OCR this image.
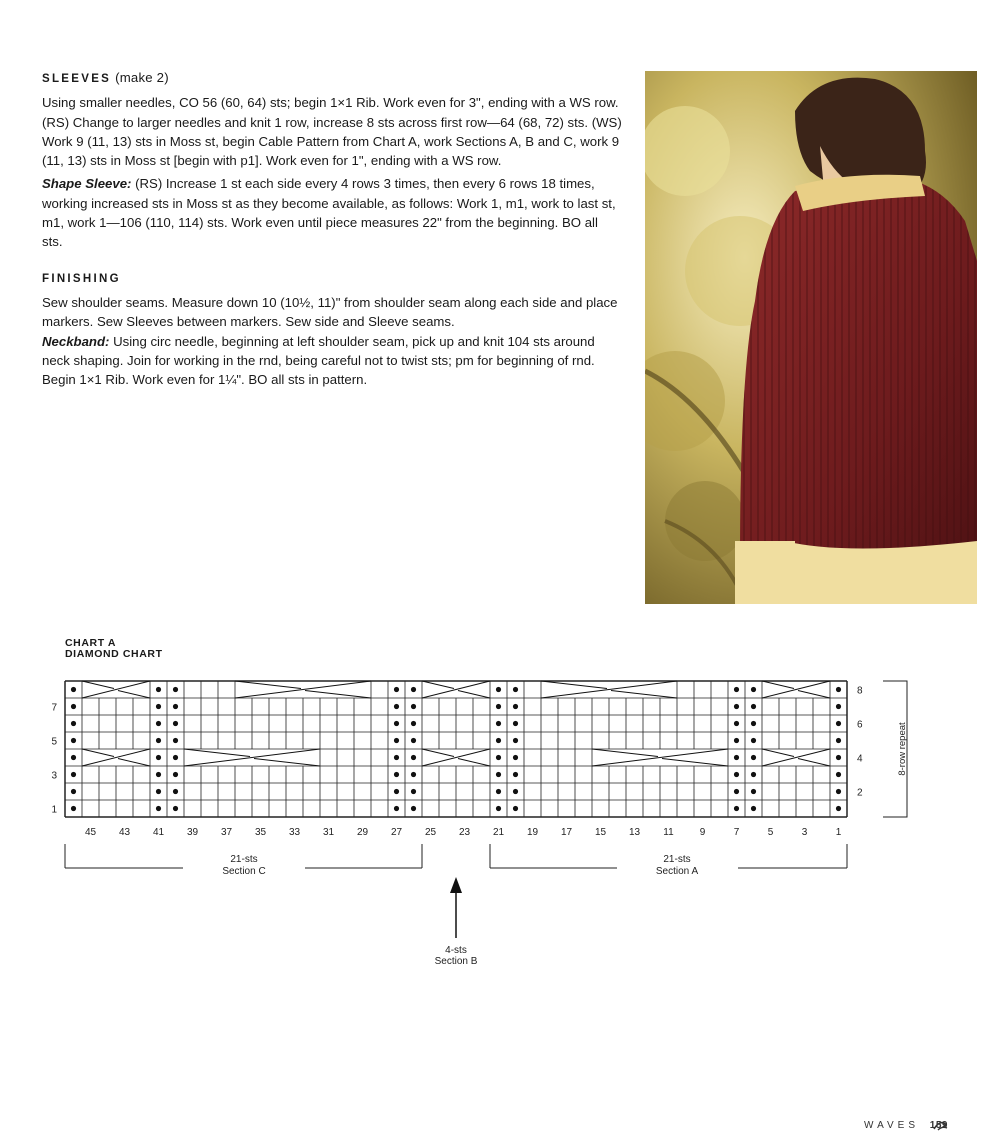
SLEEVES (make 2)

Using smaller needles, CO 56 (60, 64) sts; begin 1×1 Rib. Work even for 3", ending with a WS row. (RS) Change to larger needles and knit 1 row, increase 8 sts across first row—64 (68, 72) sts. (WS) Work 9 (11, 13) sts in Moss st, begin Cable Pattern from Chart A, work Sections A, B and C, work 9 (11, 13) sts in Moss st [begin with p1]. Work even for 1", ending with a WS row.

Shape Sleeve: (RS) Increase 1 st each side every 4 rows 3 times, then every 6 rows 18 times, working increased sts in Moss st as they become available, as follows: Work 1, m1, work to last st, m1, work 1—106 (110, 114) sts. Work even until piece measures 22" from the beginning. BO all sts.

FINISHING

Sew shoulder seams. Measure down 10 (10½, 11)" from shoulder seam along each side and place markers. Sew Sleeves between markers. Sew side and Sleeve seams.

Neckband: Using circ needle, beginning at left shoulder seam, pick up and knit 104 sts around neck shaping. Join for working in the rnd, being careful not to twist sts; pm for beginning of rnd. Begin 1×1 Rib. Work even for 1¼". BO all sts in pattern.

CHART A
DIAMOND CHART
45 43 41 39 37 35 33 31 29 27 25 23 21 19 17 15 13 11	9	7	5	3	1
7
5
3
1
8
6
4
2
8-row repeat
21-sts
Section C
21-sts
Section A
4-sts
Section B
WAVES 159
